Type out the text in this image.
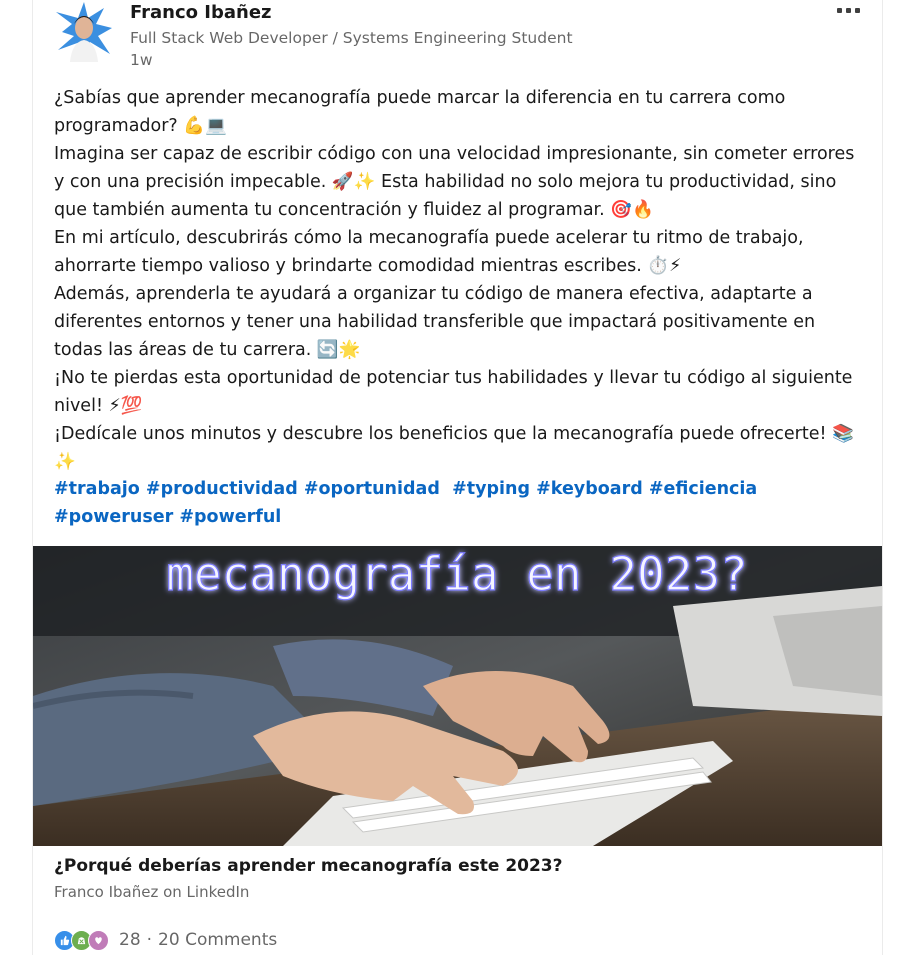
Franco Ibañez
Full Stack Web Developer / Systems Engineering Student
1w

¿Sabías que aprender mecanografía puede marcar la diferencia en tu carrera como programador? 💪💻

Imagina ser capaz de escribir código con una velocidad impresionante, sin cometer errores y con una precisión impecable. 🚀✨ Esta habilidad no solo mejora tu productividad, sino que también aumenta tu concentración y fluidez al programar. 🎯🔥

En mi artículo, descubrirás cómo la mecanografía puede acelerar tu ritmo de trabajo, ahorrarte tiempo valioso y brindarte comodidad mientras escribes. ⏱️⚡

Además, aprenderla te ayudará a organizar tu código de manera efectiva, adaptarte a diferentes entornos y tener una habilidad transferible que impactará positivamente en todas las áreas de tu carrera. 🔄🌟

¡No te pierdas esta oportunidad de potenciar tus habilidades y llevar tu código al siguiente nivel! ⚡💯

¡Dedícale unos minutos y descubre los beneficios que la mecanografía puede ofrecerte! 📚✨

#trabajo #productividad #oportunidad #typing #keyboard #eficiencia #poweruser #powerful
mecanografía en 2023?
¿Porqué deberías aprender mecanografía este 2023?
Franco Ibañez on LinkedIn
28 · 20 Comments
